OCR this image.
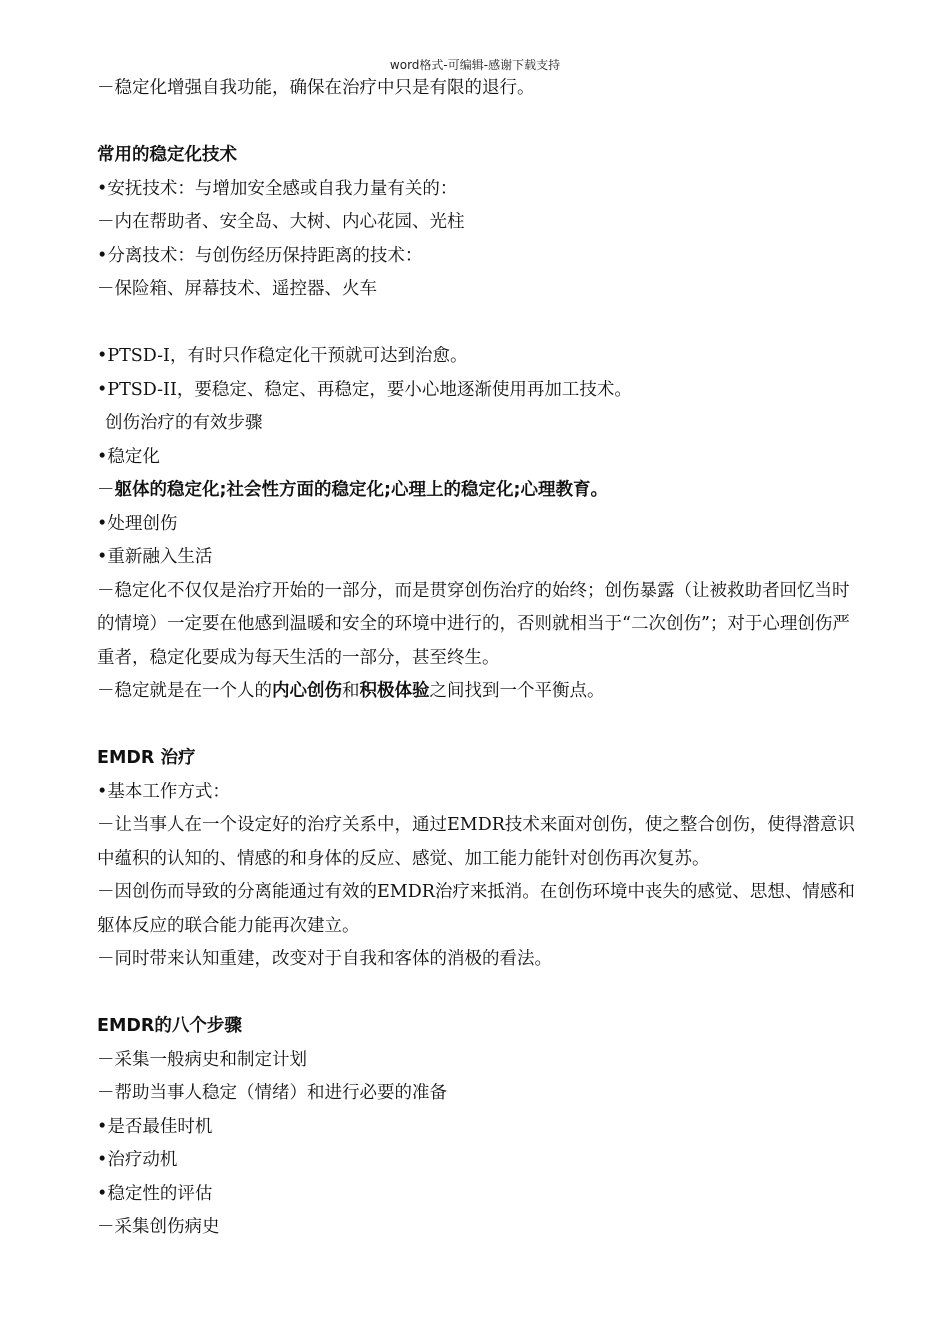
word格式-可编辑-感谢下载支持
－稳定化增强自我功能，确保在治疗中只是有限的退行。
常用的稳定化技术
•安抚技术：与增加安全感或自我力量有关的：
－内在帮助者、安全岛、大树、内心花园、光柱
•分离技术：与创伤经历保持距离的技术：
－保险箱、屏幕技术、遥控器、火车
•PTSD-I，有时只作稳定化干预就可达到治愈。
•PTSD-II，要稳定、稳定、再稳定，要小心地逐渐使用再加工技术。
创伤治疗的有效步骤
•稳定化
－躯体的稳定化;社会性方面的稳定化;心理上的稳定化;心理教育。
•处理创伤
•重新融入生活
－稳定化不仅仅是治疗开始的一部分，而是贯穿创伤治疗的始终；创伤暴露（让被救助者回忆当时的情境）一定要在他感到温暖和安全的环境中进行的，否则就相当于“二次创伤”；对于心理创伤严重者，稳定化要成为每天生活的一部分，甚至终生。
－稳定就是在一个人的内心创伤和积极体验之间找到一个平衡点。
EMDR 治疗
•基本工作方式：
－让当事人在一个设定好的治疗关系中，通过EMDR技术来面对创伤，使之整合创伤，使得潜意识中蕴积的认知的、情感的和身体的反应、感觉、加工能力能针对创伤再次复苏。
－因创伤而导致的分离能通过有效的EMDR治疗来抵消。在创伤环境中丧失的感觉、思想、情感和躯体反应的联合能力能再次建立。
－同时带来认知重建，改变对于自我和客体的消极的看法。
EMDR的八个步骤
－采集一般病史和制定计划
－帮助当事人稳定（情绪）和进行必要的准备
•是否最佳时机
•治疗动机
•稳定性的评估
－采集创伤病史
